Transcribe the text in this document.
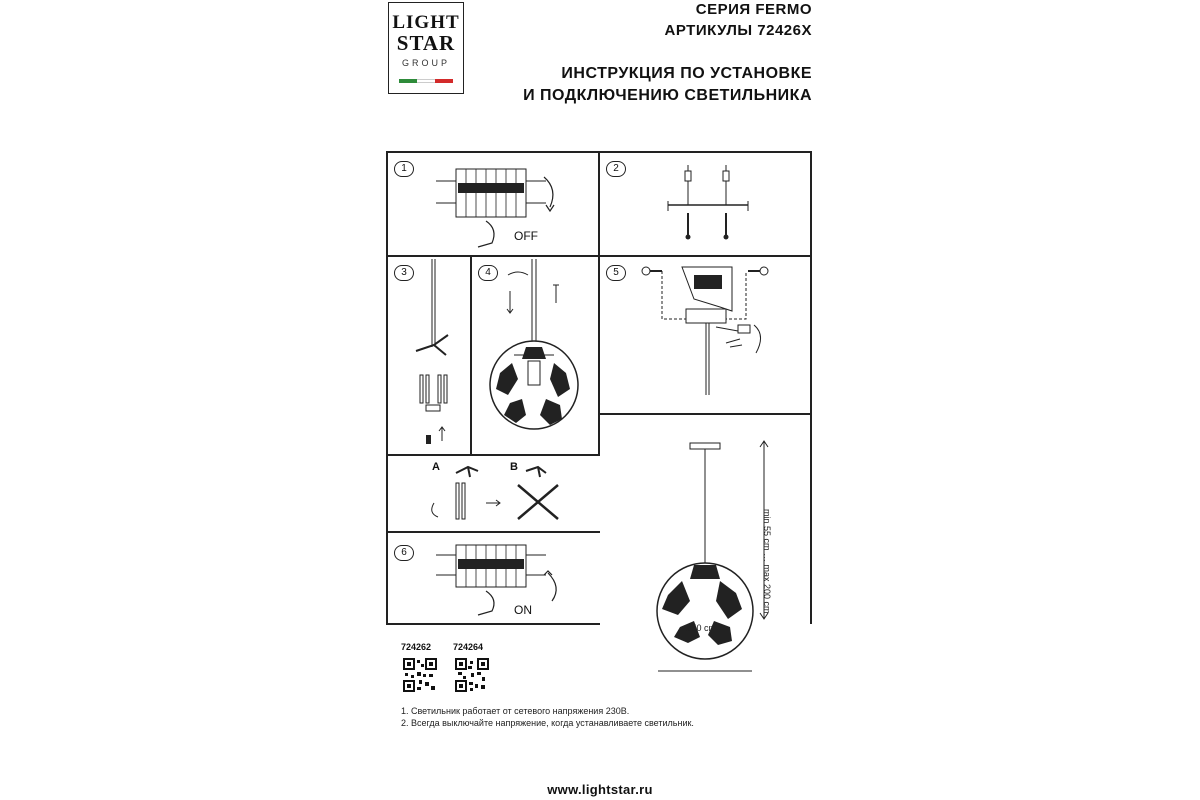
LIGHT
STAR
GROUP
СЕРИЯ FERMO
АРТИКУЛЫ 72426X
ИНСТРУКЦИЯ ПО УСТАНОВКЕ
И ПОДКЛЮЧЕНИЮ СВЕТИЛЬНИКА
1
OFF
2
3	4	5
min 55 cm … max 200 cm
ø50 cm
A	B
6
ON
724262 724264
1. Светильник работает от сетевого напряжения 230В.
2. Всегда выключайте напряжение, когда устанавливаете светильник.
www.lightstar.ru
